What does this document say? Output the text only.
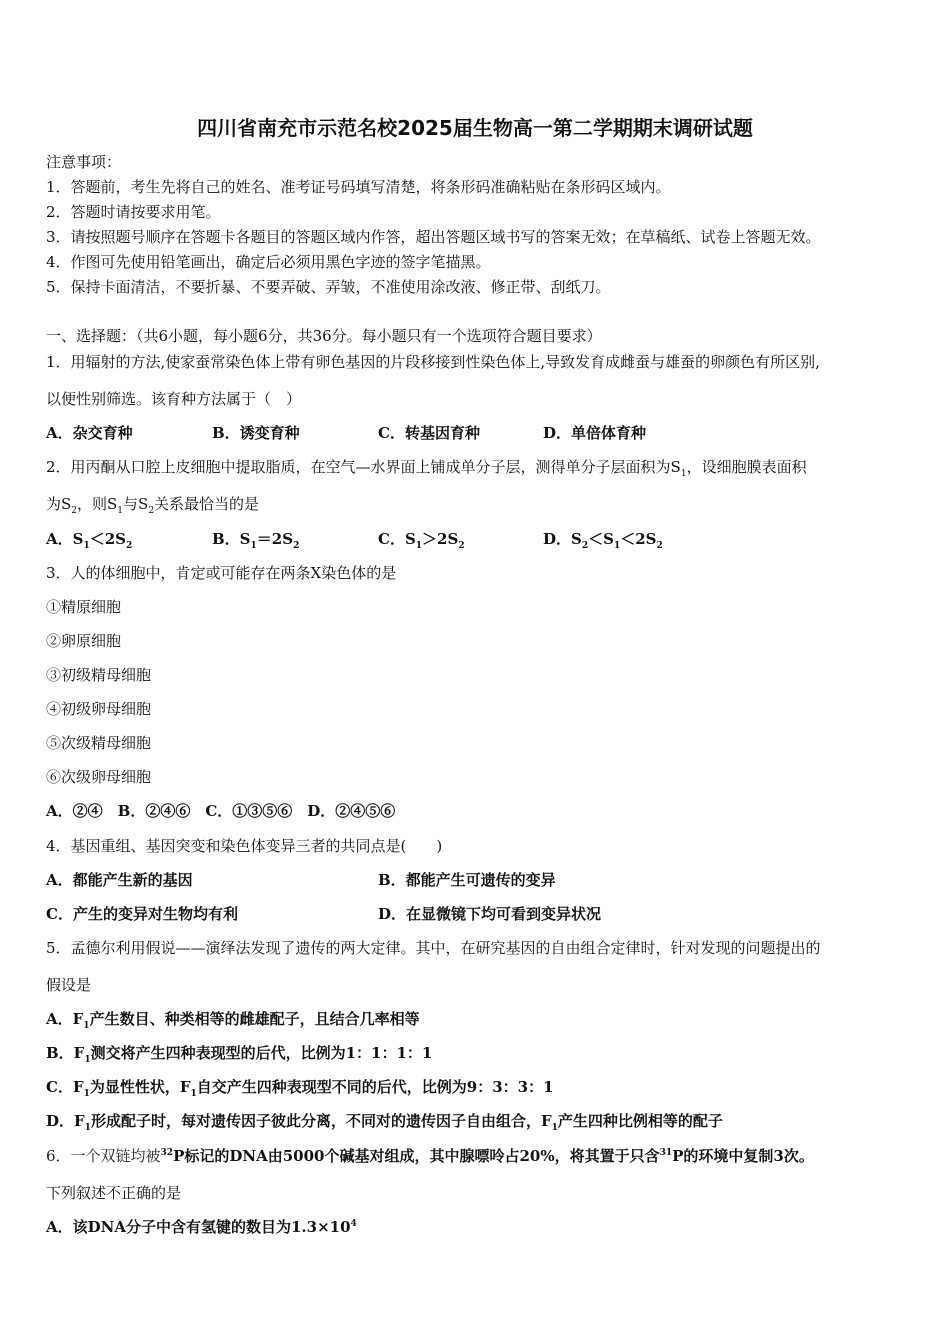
四川省南充市示范名校2025届生物高一第二学期期末调研试题
注意事项：
1．答题前，考生先将自己的姓名、准考证号码填写清楚，将条形码准确粘贴在条形码区域内。
2．答题时请按要求用笔。
3．请按照题号顺序在答题卡各题目的答题区域内作答，超出答题区域书写的答案无效；在草稿纸、试卷上答题无效。
4．作图可先使用铅笔画出，确定后必须用黑色字迹的签字笔描黑。
5．保持卡面清洁，不要折暴、不要弄破、弄皱，不准使用涂改液、修正带、刮纸刀。
一、选择题：（共6小题，每小题6分，共36分。每小题只有一个选项符合题目要求）
1．用辐射的方法,使家蚕常染色体上带有卵色基因的片段移接到性染色体上,导致发育成雌蚕与雄蚕的卵颜色有所区别,
以便性别筛选。该育种方法属于（　）
A．杂交育种	B．诱变育种	C．转基因育种	D．单倍体育种
2．用丙酮从口腔上皮细胞中提取脂质，在空气—水界面上铺成单分子层，测得单分子层面积为$S_1$，设细胞膜表面积
为$S_2$，则$S_1$与$S_2$关系最恰当的是
A．$S_1<2S_2$	B．$S_1=2S_2$	C．$S_1>2S_2$	D．$S_2<S_1<2S_2$
3．人的体细胞中，肯定或可能存在两条X染色体的是
①精原细胞
②卵原细胞
③初级精母细胞
④初级卵母细胞
⑤次级精母细胞
⑥次级卵母细胞
A．②④　B．②④⑥　C．①③⑤⑥　D．②④⑤⑥
4．基因重组、基因突变和染色体变异三者的共同点是(　　)
A．都能产生新的基因	B．都能产生可遗传的变异
C．产生的变异对生物均有利	D．在显微镜下均可看到变异状况
5．孟德尔利用假说——演绎法发现了遗传的两大定律。其中，在研究基因的自由组合定律时，针对发现的问题提出的
假设是
A．$F_1$产生数目、种类相等的雌雄配子，且结合几率相等
B．$F_1$测交将产生四种表现型的后代，比例为1：1：1：1
C．$F_1$为显性性状，$F_1$自交产生四种表现型不同的后代，比例为9：3：3：1
D．$F_1$形成配子时，每对遗传因子彼此分离，不同对的遗传因子自由组合，$F_1$产生四种比例相等的配子
6．一个双链均被$^{32}$P标记的DNA由5000个碱基对组成，其中腺嘌呤占20%，将其置于只含$^{31}$P的环境中复制3次。
下列叙述不正确的是
A．该DNA分子中含有氢键的数目为$1.3\times 10^4$
